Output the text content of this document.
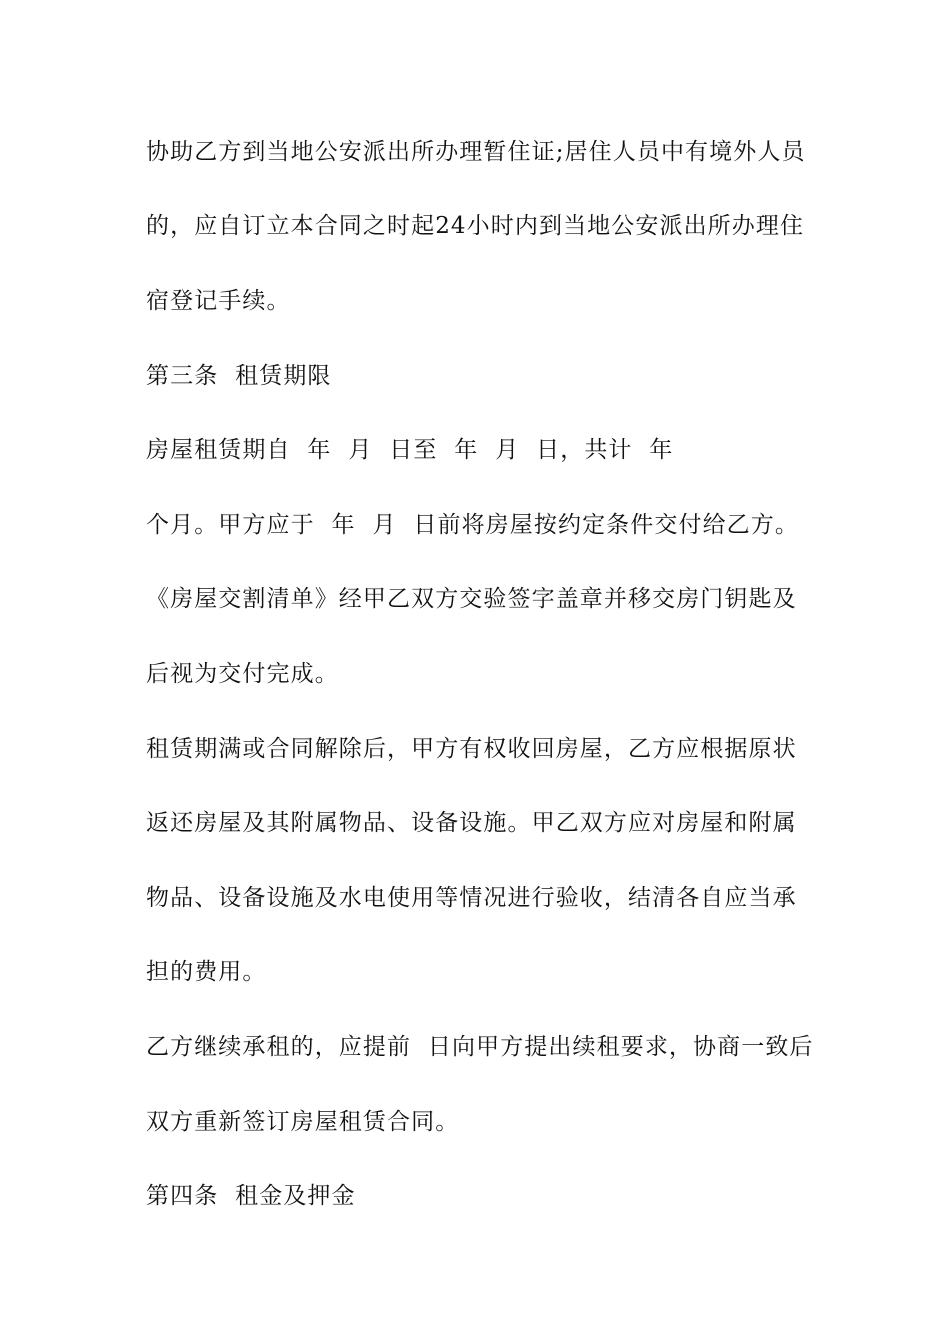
协助乙方到当地公安派出所办理暂住证;居住人员中有境外人员
的，应自订立本合同之时起24小时内到当地公安派出所办理住
宿登记手续。
第三条  租赁期限
房屋租赁期自  年  月  日至  年  月  日，共计  年
个月。甲方应于  年  月  日前将房屋按约定条件交付给乙方。
《房屋交割清单》经甲乙双方交验签字盖章并移交房门钥匙及
后视为交付完成。
租赁期满或合同解除后，甲方有权收回房屋，乙方应根据原状
返还房屋及其附属物品、设备设施。甲乙双方应对房屋和附属
物品、设备设施及水电使用等情况进行验收，结清各自应当承
担的费用。
乙方继续承租的，应提前  日向甲方提出续租要求，协商一致后
双方重新签订房屋租赁合同。
第四条  租金及押金
